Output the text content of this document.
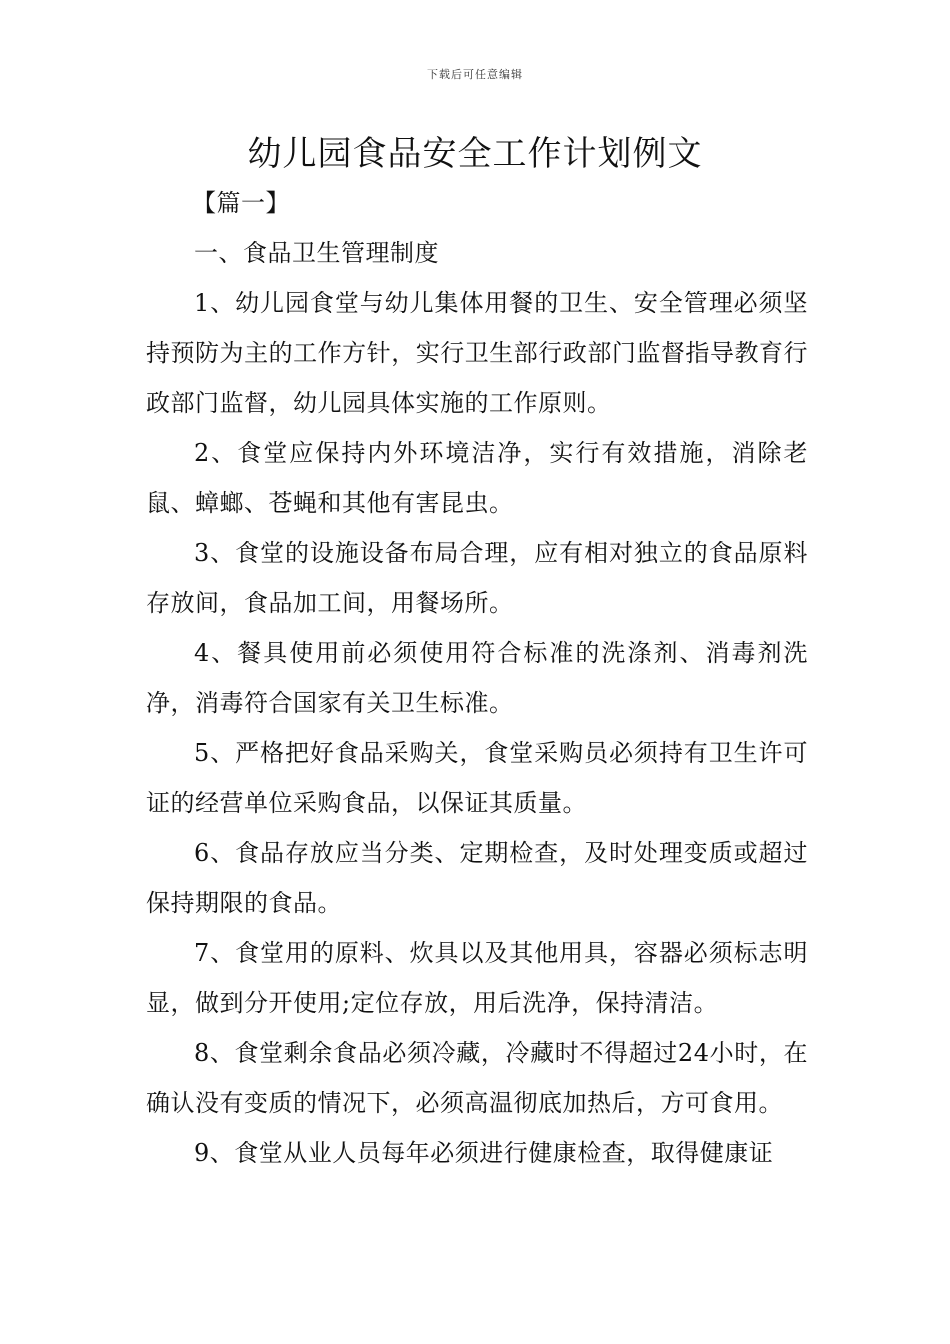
下载后可任意编辑
幼儿园食品安全工作计划例文

【篇一】

一、食品卫生管理制度

1、幼儿园食堂与幼儿集体用餐的卫生、安全管理必须坚持预防为主的工作方针，实行卫生部行政部门监督指导教育行政部门监督，幼儿园具体实施的工作原则。

2、食堂应保持内外环境洁净，实行有效措施，消除老鼠、蟑螂、苍蝇和其他有害昆虫。

3、食堂的设施设备布局合理，应有相对独立的食品原料存放间，食品加工间，用餐场所。

4、餐具使用前必须使用符合标准的洗涤剂、消毒剂洗净，消毒符合国家有关卫生标准。

5、严格把好食品采购关，食堂采购员必须持有卫生许可证的经营单位采购食品，以保证其质量。

6、食品存放应当分类、定期检查，及时处理变质或超过保持期限的食品。

7、食堂用的原料、炊具以及其他用具，容器必须标志明显，做到分开使用;定位存放，用后洗净，保持清洁。

8、食堂剩余食品必须冷藏，冷藏时不得超过24小时，在确认没有变质的情况下，必须高温彻底加热后，方可食用。

9、食堂从业人员每年必须进行健康检查，取得健康证
